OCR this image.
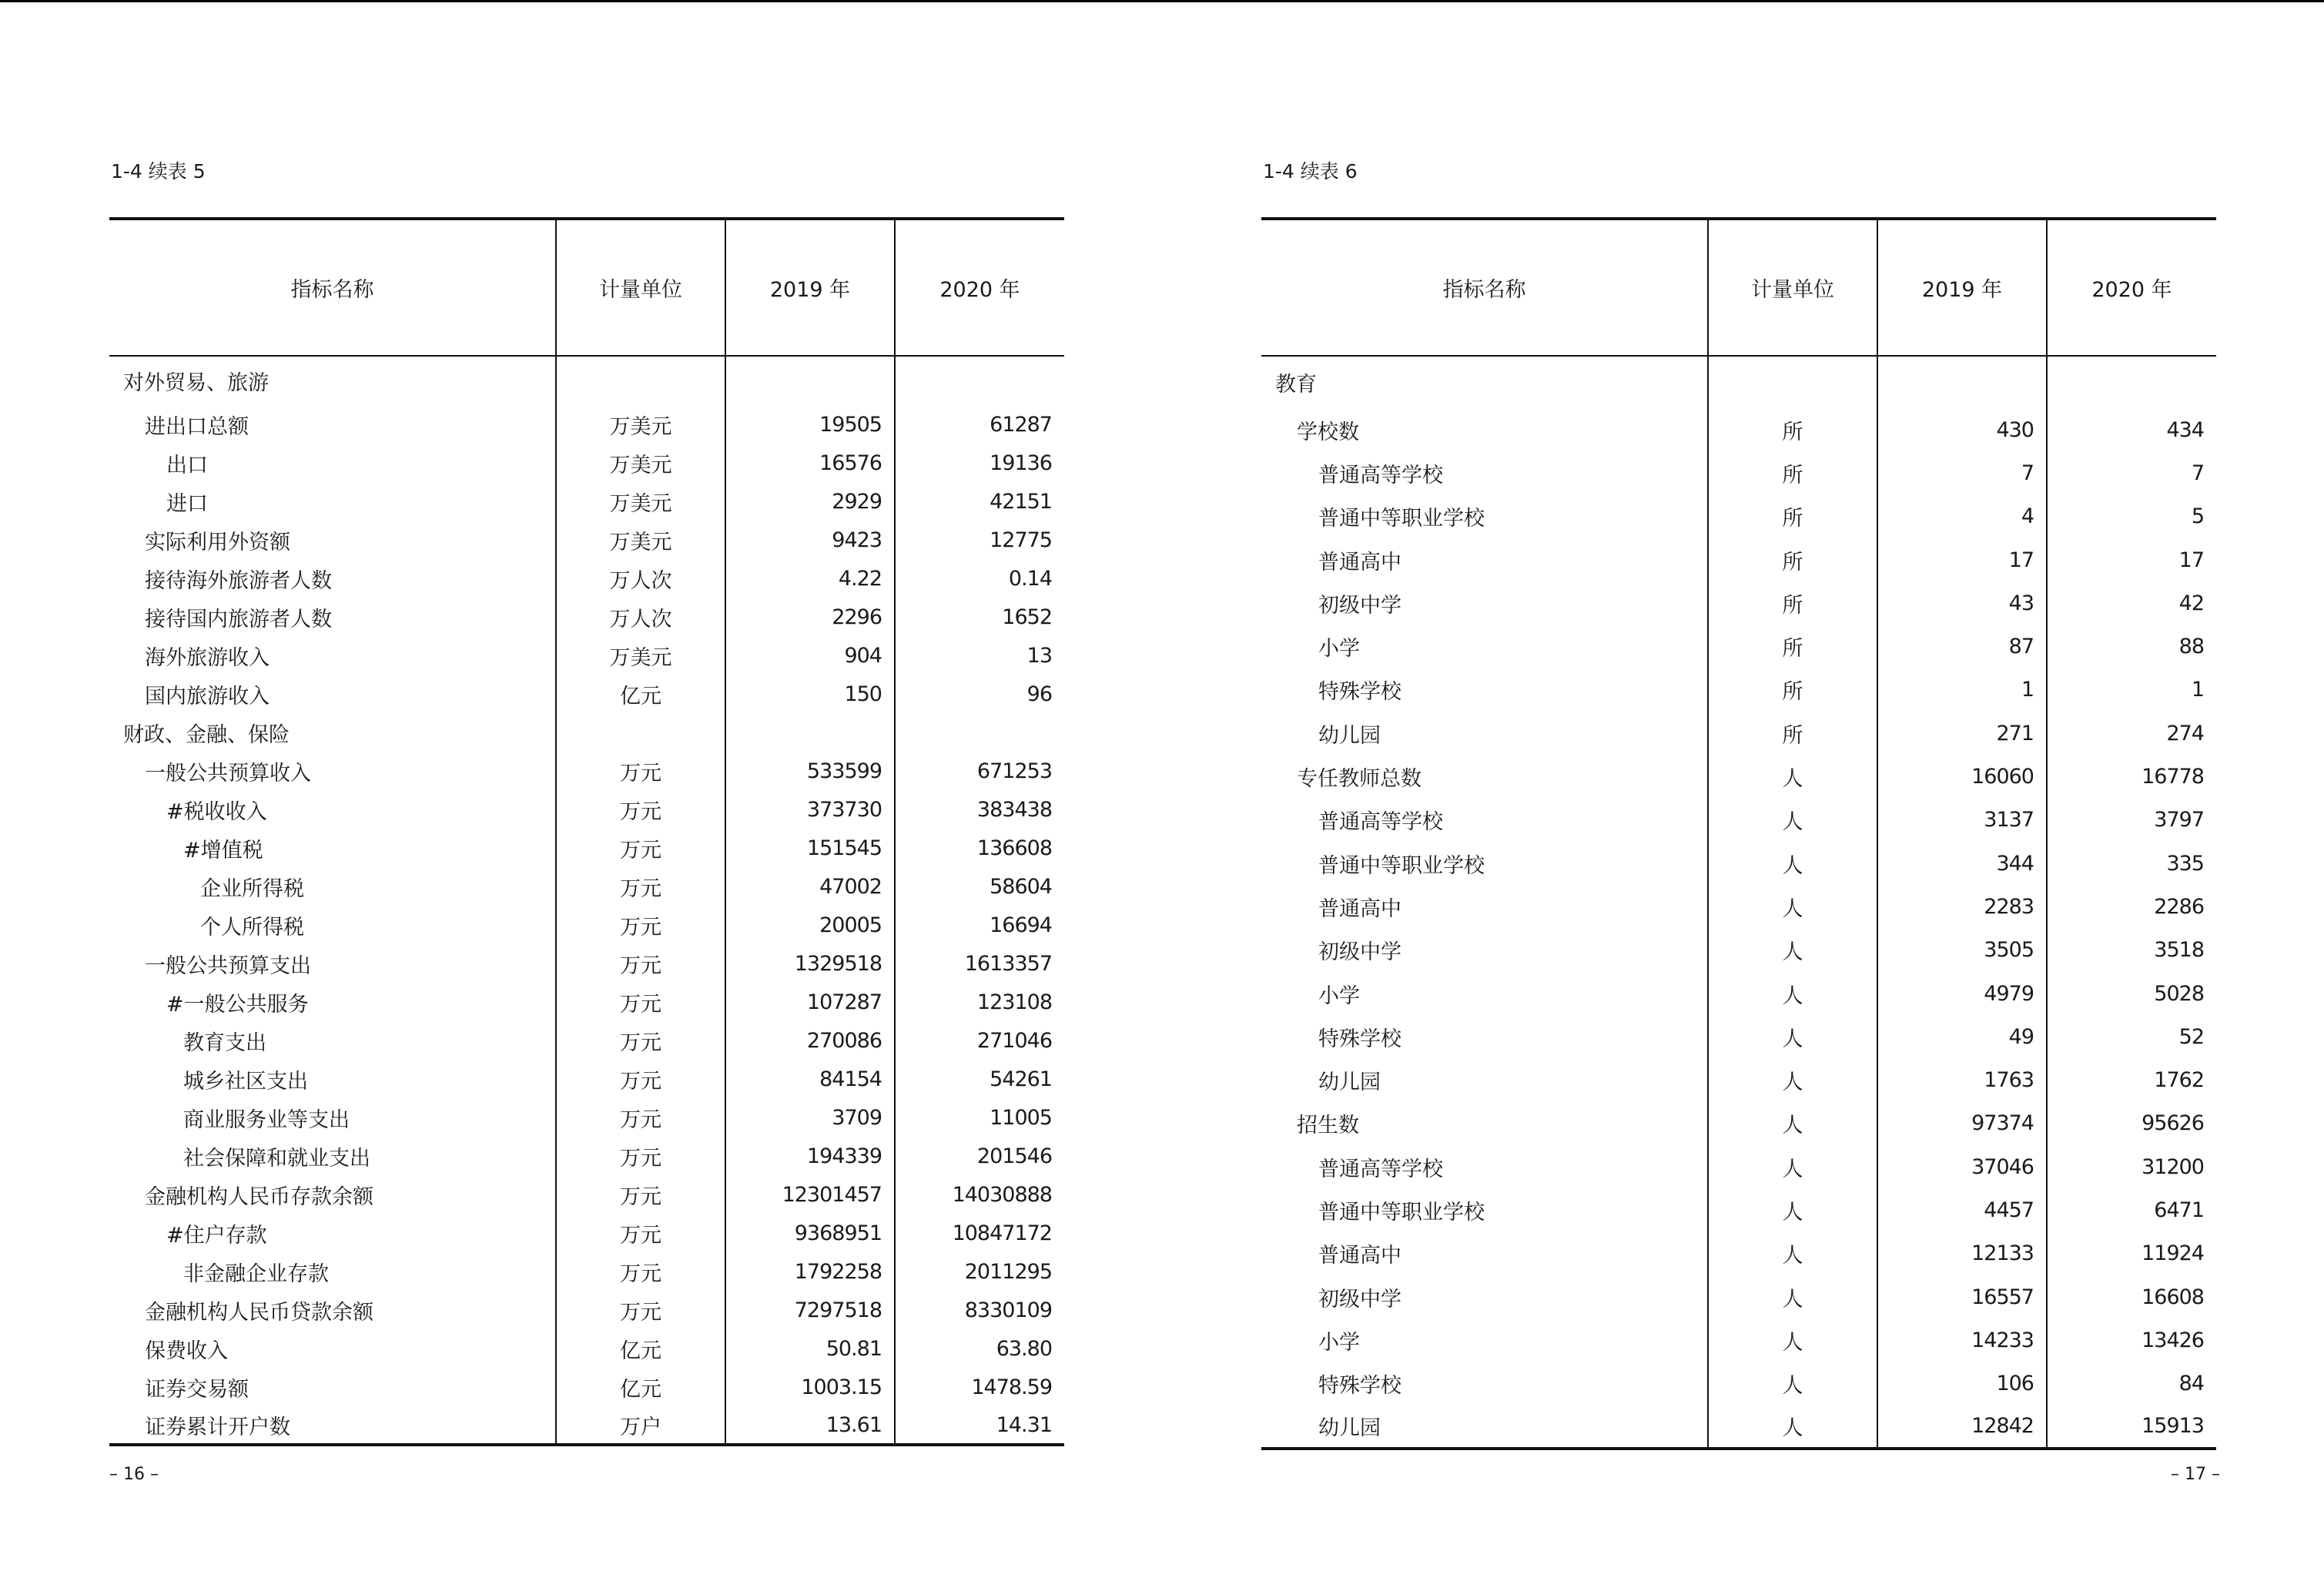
1-4 续表 5
指标名称	计量单位	2019 年	2020 年
对外贸易、旅游			
进出口总额	万美元	19505	61287
出口	万美元	16576	19136
进口	万美元	2929	42151
实际利用外资额	万美元	9423	12775
接待海外旅游者人数	万人次	4.22	0.14
接待国内旅游者人数	万人次	2296	1652
海外旅游收入	万美元	904	13
国内旅游收入	亿元	150	96
财政、金融、保险			
一般公共预算收入	万元	533599	671253
#税收收入	万元	373730	383438
#增值税	万元	151545	136608
企业所得税	万元	47002	58604
个人所得税	万元	20005	16694
一般公共预算支出	万元	1329518	1613357
#一般公共服务	万元	107287	123108
教育支出	万元	270086	271046
城乡社区支出	万元	84154	54261
商业服务业等支出	万元	3709	11005
社会保障和就业支出	万元	194339	201546
金融机构人民币存款余额	万元	12301457	14030888
#住户存款	万元	9368951	10847172
非金融企业存款	万元	1792258	2011295
金融机构人民币贷款余额	万元	7297518	8330109
保费收入	亿元	50.81	63.80
证券交易额	亿元	1003.15	1478.59
证券累计开户数	万户	13.61	14.31
– 16 –
1-4 续表 6
指标名称	计量单位	2019 年	2020 年
教育			
学校数	所	430	434
普通高等学校	所	7	7
普通中等职业学校	所	4	5
普通高中	所	17	17
初级中学	所	43	42
小学	所	87	88
特殊学校	所	1	1
幼儿园	所	271	274
专任教师总数	人	16060	16778
普通高等学校	人	3137	3797
普通中等职业学校	人	344	335
普通高中	人	2283	2286
初级中学	人	3505	3518
小学	人	4979	5028
特殊学校	人	49	52
幼儿园	人	1763	1762
招生数	人	97374	95626
普通高等学校	人	37046	31200
普通中等职业学校	人	4457	6471
普通高中	人	12133	11924
初级中学	人	16557	16608
小学	人	14233	13426
特殊学校	人	106	84
幼儿园	人	12842	15913
– 17 –
